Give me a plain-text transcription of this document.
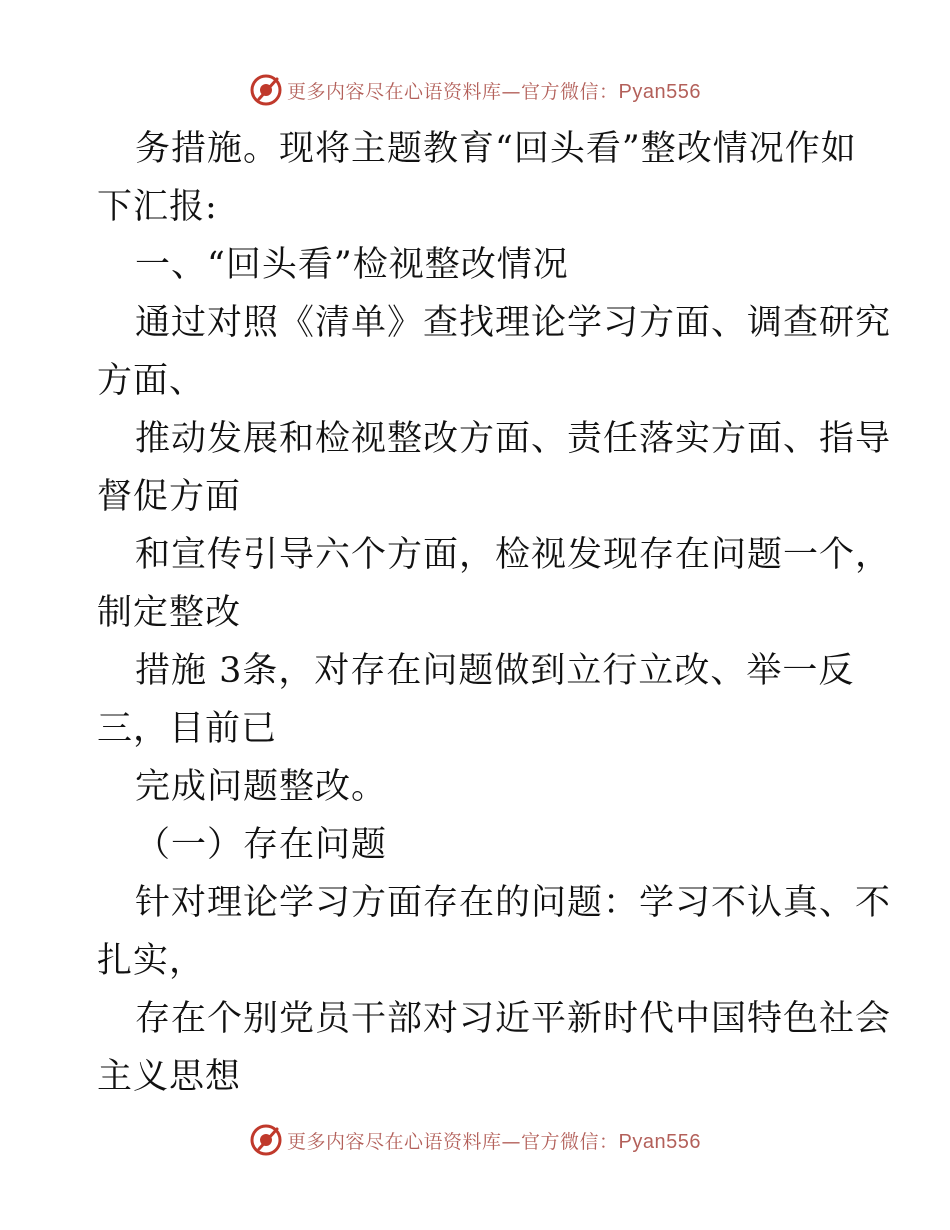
更多内容尽在心语资料库—官方微信：Pyan556
务措施。现将主题教育“回头看”整改情况作如
下汇报:
一、“回头看”检视整改情况
通过对照《清单》查找理论学习方面、调查研究
方面、
推动发展和检视整改方面、责任落实方面、指导
督促方面
和宣传引导六个方面，检视发现存在问题一个，
制定整改
措施 3条，对存在问题做到立行立改、举一反
三，目前已
完成问题整改。
（一）存在问题
针对理论学习方面存在的问题：学习不认真、不
扎实，
存在个别党员干部对习近平新时代中国特色社会
主义思想
更多内容尽在心语资料库—官方微信：Pyan556
